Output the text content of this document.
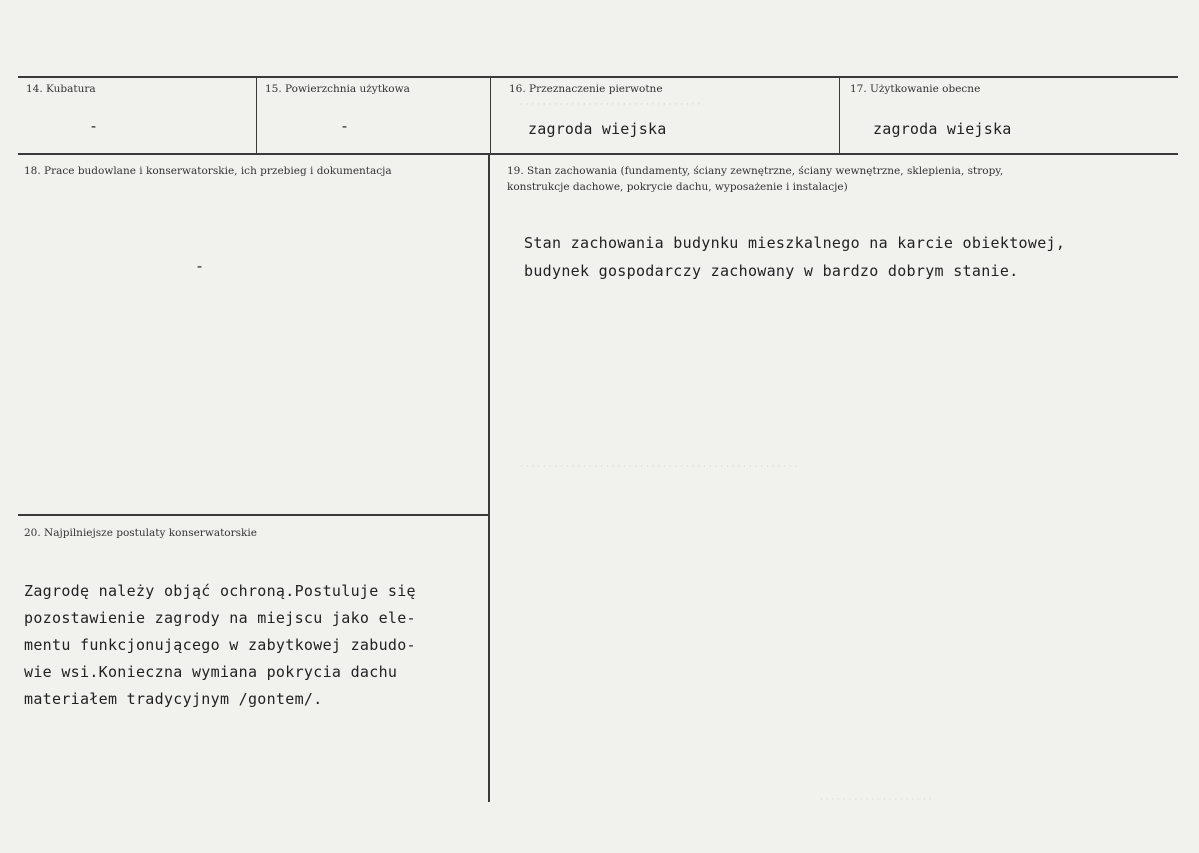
· · · · · · · · · · · · · · · · · · · · · · · · · · · · · · · ·
· · · · · · · · · · · · · · · · · · · · · · · · · · · · · · · · · · · · · · · · · · · · · · · · ·
· · · · · · · · · · · · · · · · · · · ·
14. Kubatura
-
15. Powierzchnia użytkowa
-
16. Przeznaczenie pierwotne
zagroda wiejska
17. Użytkowanie obecne
zagroda wiejska
18. Prace budowlane i konserwatorskie, ich przebieg i dokumentacja
-
19. Stan zachowania (fundamenty, ściany zewnętrzne, ściany wewnętrzne, sklepienia, stropy,
konstrukcje dachowe, pokrycie dachu, wyposażenie i instalacje)
Stan zachowania budynku mieszkalnego na karcie obiektowej,
budynek gospodarczy zachowany w bardzo dobrym stanie.
20. Najpilniejsze postulaty konserwatorskie
Zagrodę należy objąć ochroną.Postuluje się
pozostawienie zagrody na miejscu jako ele-
mentu funkcjonującego w zabytkowej zabudo-
wie wsi.Konieczna wymiana pokrycia dachu
materiałem tradycyjnym /gontem/.
